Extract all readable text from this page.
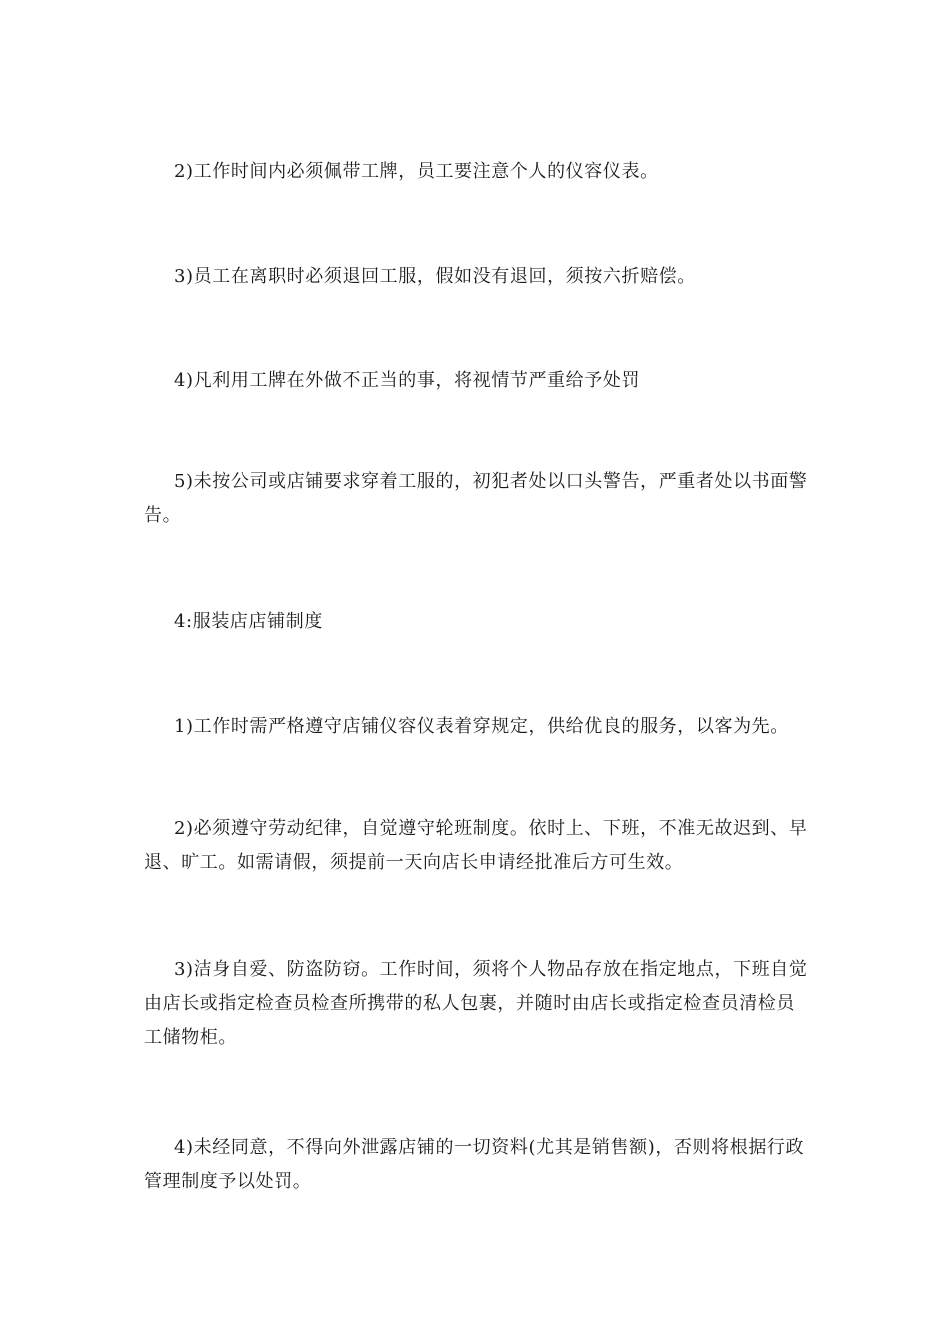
2)工作时间内必须佩带工牌，员工要注意个人的仪容仪表。

3)员工在离职时必须退回工服，假如没有退回，须按六折赔偿。

4)凡利用工牌在外做不正当的事，将视情节严重给予处罚

5)未按公司或店铺要求穿着工服的，初犯者处以口头警告，严重者处以书面警告。

4:服装店店铺制度

1)工作时需严格遵守店铺仪容仪表着穿规定，供给优良的服务，以客为先。

2)必须遵守劳动纪律，自觉遵守轮班制度。依时上、下班，不准无故迟到、早退、旷工。如需请假，须提前一天向店长申请经批准后方可生效。

3)洁身自爱、防盗防窃。工作时间，须将个人物品存放在指定地点，下班自觉由店长或指定检查员检查所携带的私人包裹，并随时由店长或指定检查员清检员工储物柜。

4)未经同意，不得向外泄露店铺的一切资料(尤其是销售额)，否则将根据行政管理制度予以处罚。
